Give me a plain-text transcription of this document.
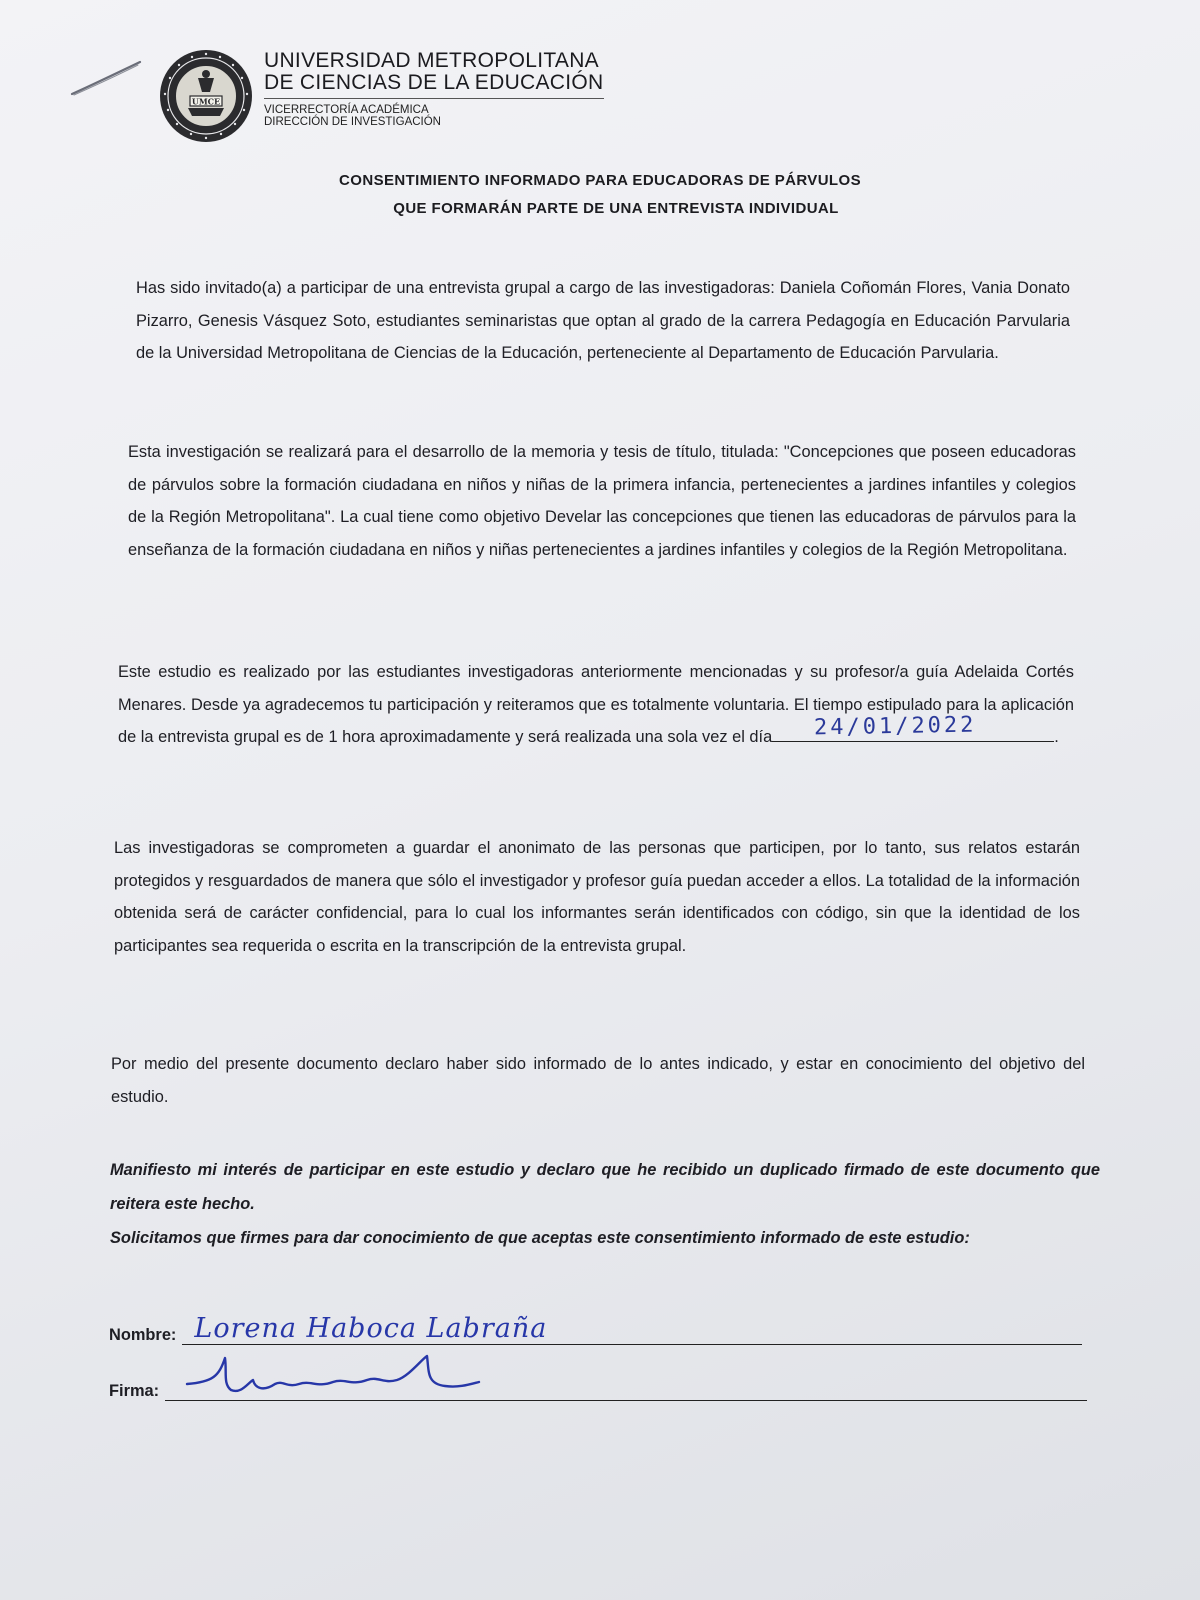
UMCE
UNIVERSIDAD METROPOLITANA
DE CIENCIAS DE LA EDUCACIÓN
VICERRECTORÍA ACADÉMICA
DIRECCIÓN DE INVESTIGACIÓN
CONSENTIMIENTO INFORMADO PARA EDUCADORAS DE PÁRVULOS
QUE FORMARÁN PARTE DE UNA ENTREVISTA INDIVIDUAL
Has sido invitado(a) a participar de una entrevista grupal a cargo de las investigadoras: Daniela Coñomán Flores, Vania Donato Pizarro, Genesis Vásquez Soto, estudiantes seminaristas que optan al grado de la carrera Pedagogía en Educación Parvularia de la Universidad Metropolitana de Ciencias de la Educación, perteneciente al Departamento de Educación Parvularia.
Esta investigación se realizará para el desarrollo de la memoria y tesis de título, titulada: "Concepciones que poseen educadoras de párvulos sobre la formación ciudadana en niños y niñas de la primera infancia, pertenecientes a jardines infantiles y colegios de la Región Metropolitana". La cual tiene como objetivo Develar las concepciones que tienen las educadoras de párvulos para la enseñanza de la formación ciudadana en niños y niñas pertenecientes a jardines infantiles y colegios de la Región Metropolitana.
Este estudio es realizado por las estudiantes investigadoras anteriormente mencionadas y su profesor/a guía Adelaida Cortés Menares. Desde ya agradecemos tu participación y reiteramos que es totalmente voluntaria. El tiempo estipulado para la aplicación de la entrevista grupal es de 1 hora aproximadamente y será realizada una sola vez el día 24/01/2022	.
Las investigadoras se comprometen a guardar el anonimato de las personas que participen, por lo tanto, sus relatos estarán protegidos y resguardados de manera que sólo el investigador y profesor guía puedan acceder a ellos. La totalidad de la información obtenida será de carácter confidencial, para lo cual los informantes serán identificados con código, sin que la identidad de los participantes sea requerida o escrita en la transcripción de la entrevista grupal.
Por medio del presente documento declaro haber sido informado de lo antes indicado, y estar en conocimiento del objetivo del estudio.
Manifiesto mi interés de participar en este estudio y declaro que he recibido un duplicado firmado de este documento que reitera este hecho.
Solicitamos que firmes para dar conocimiento de que aceptas este consentimiento informado de este estudio:
Nombre: Lorena Haboca Labraña
Firma:
